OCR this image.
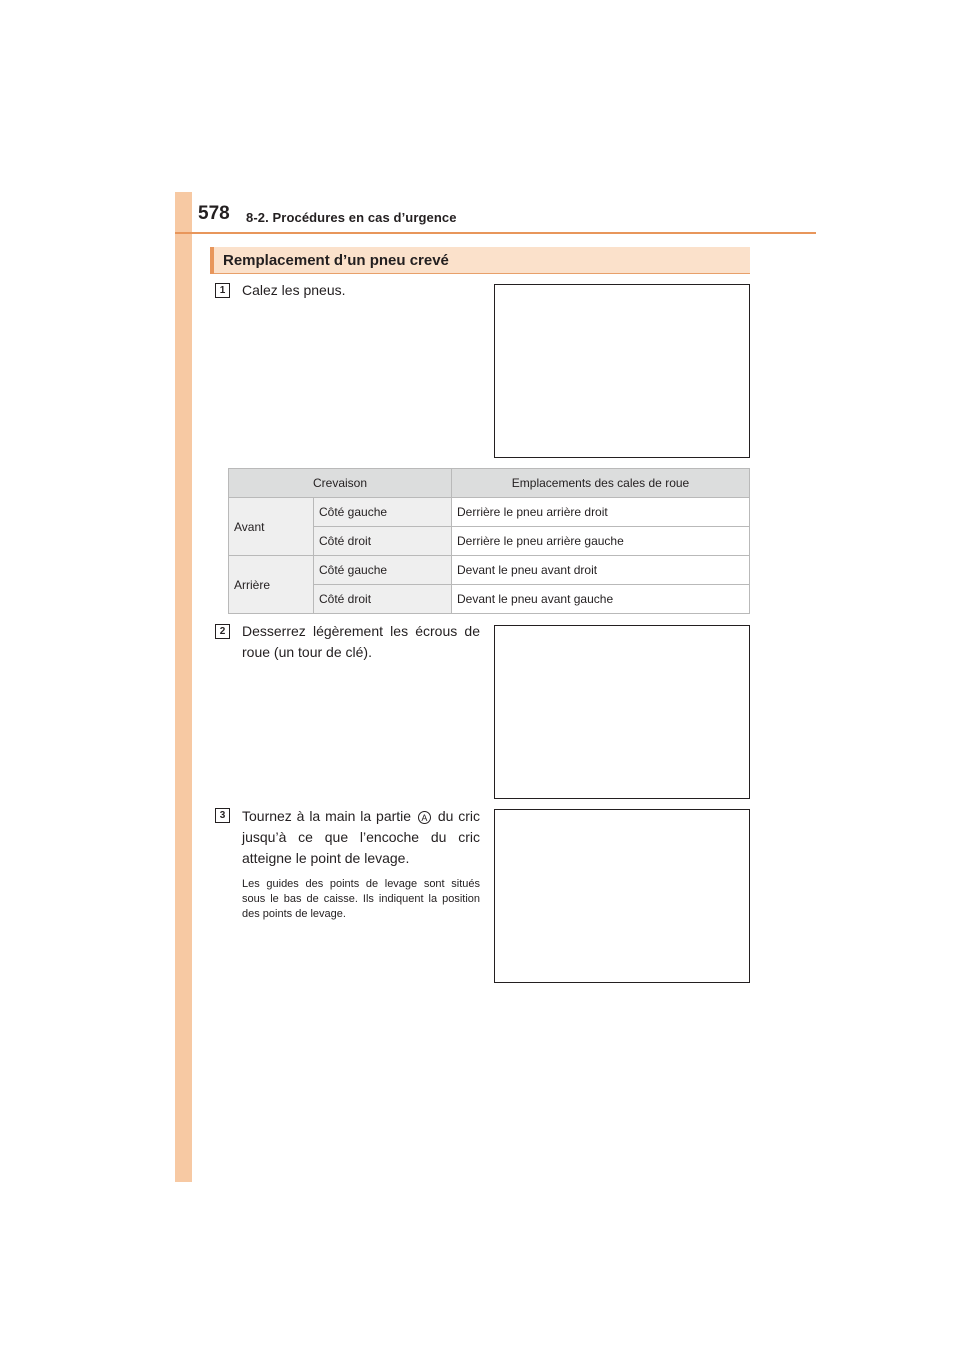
578 8-2. Procédures en cas d’urgence
Remplacement d’un pneu crevé
1	Calez les pneus.
Crevaison		Emplacements des cales de roue
Avant	Côté gauche	Derrière le pneu arrière droit
	Côté droit	Derrière le pneu arrière gauche
Arrière	Côté gauche	Devant le pneu avant droit
	Côté droit	Devant le pneu avant gauche
2	Desserrez légèrement les écrous de roue (un tour de clé).
3	Tournez à la main la partie A du cric jusqu’à ce que l’encoche du cric atteigne le point de levage.
Les guides des points de levage sont situés sous le bas de caisse. Ils indiquent la position des points de levage.
